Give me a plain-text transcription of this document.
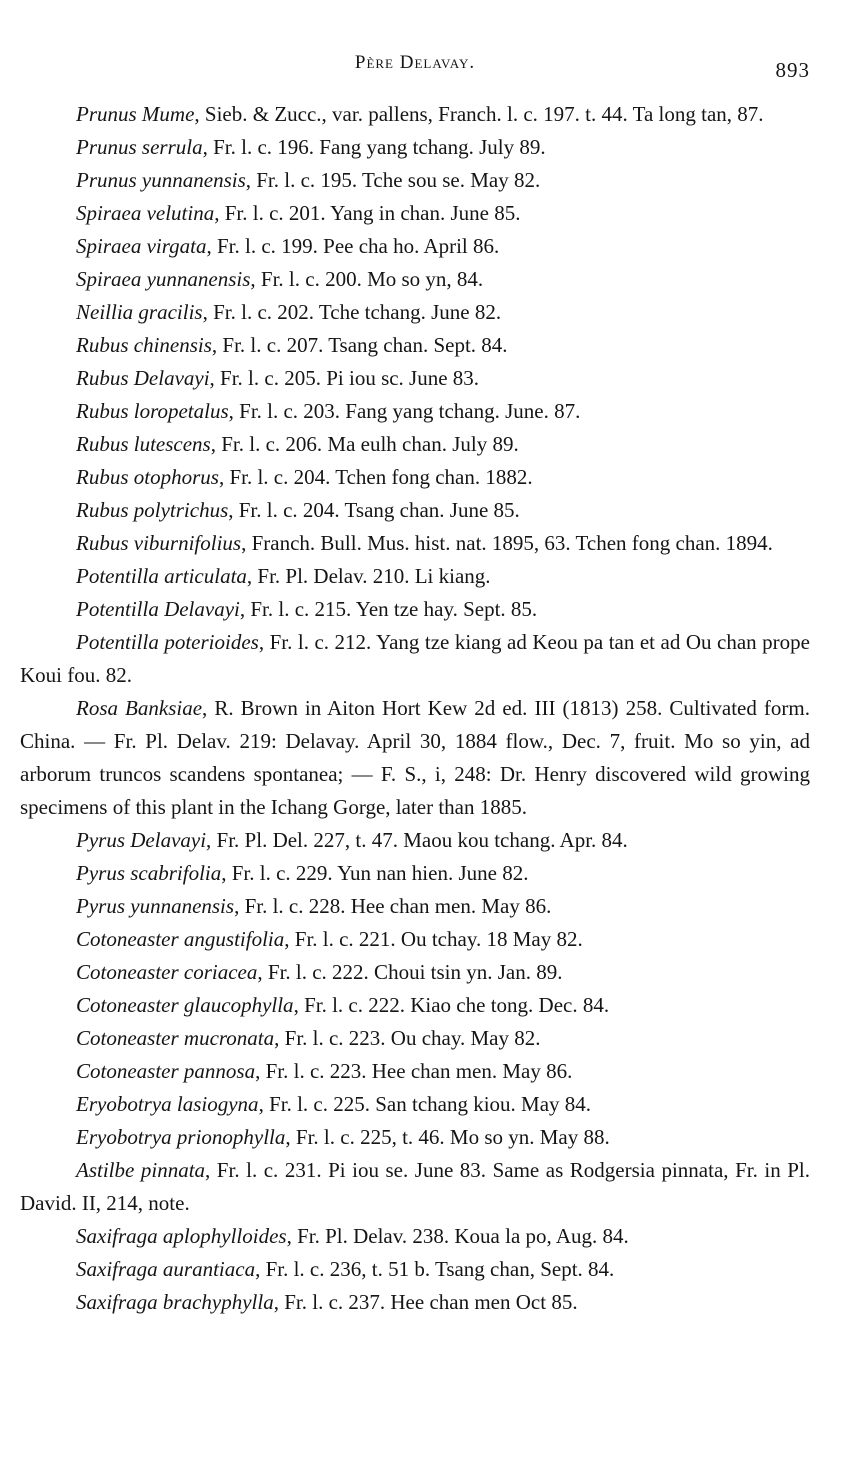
Père Delavay.	893

Prunus Mume, Sieb. & Zucc., var. pallens, Franch. l. c. 197. t. 44. Ta long tan, 87.

Prunus serrula, Fr. l. c. 196. Fang yang tchang. July 89.

Prunus yunnanensis, Fr. l. c. 195. Tche sou se. May 82.

Spiraea velutina, Fr. l. c. 201. Yang in chan. June 85.

Spiraea virgata, Fr. l. c. 199. Pee cha ho. April 86.

Spiraea yunnanensis, Fr. l. c. 200. Mo so yn, 84.

Neillia gracilis, Fr. l. c. 202. Tche tchang. June 82.

Rubus chinensis, Fr. l. c. 207. Tsang chan. Sept. 84.

Rubus Delavayi, Fr. l. c. 205. Pi iou sc. June 83.

Rubus loropetalus, Fr. l. c. 203. Fang yang tchang. June. 87.

Rubus lutescens, Fr. l. c. 206. Ma eulh chan. July 89.

Rubus otophorus, Fr. l. c. 204. Tchen fong chan. 1882.

Rubus polytrichus, Fr. l. c. 204. Tsang chan. June 85.

Rubus viburnifolius, Franch. Bull. Mus. hist. nat. 1895, 63. Tchen fong chan. 1894.

Potentilla articulata, Fr. Pl. Delav. 210. Li kiang.

Potentilla Delavayi, Fr. l. c. 215. Yen tze hay. Sept. 85.

Potentilla poterioides, Fr. l. c. 212. Yang tze kiang ad Keou pa tan et ad Ou chan prope Koui fou. 82.

Rosa Banksiae, R. Brown in Aiton Hort Kew 2d ed. III (1813) 258. Cultivated form. China. — Fr. Pl. Delav. 219: Delavay. April 30, 1884 flow., Dec. 7, fruit. Mo so yin, ad arborum truncos scandens spontanea; — F. S., i, 248: Dr. Henry discovered wild growing specimens of this plant in the Ichang Gorge, later than 1885.

Pyrus Delavayi, Fr. Pl. Del. 227, t. 47. Maou kou tchang. Apr. 84.

Pyrus scabrifolia, Fr. l. c. 229. Yun nan hien. June 82.

Pyrus yunnanensis, Fr. l. c. 228. Hee chan men. May 86.

Cotoneaster angustifolia, Fr. l. c. 221. Ou tchay. 18 May 82.

Cotoneaster coriacea, Fr. l. c. 222. Choui tsin yn. Jan. 89.

Cotoneaster glaucophylla, Fr. l. c. 222. Kiao che tong. Dec. 84.

Cotoneaster mucronata, Fr. l. c. 223. Ou chay. May 82.

Cotoneaster pannosa, Fr. l. c. 223. Hee chan men. May 86.

Eryobotrya lasiogyna, Fr. l. c. 225. San tchang kiou. May 84.

Eryobotrya prionophylla, Fr. l. c. 225, t. 46. Mo so yn. May 88.

Astilbe pinnata, Fr. l. c. 231. Pi iou se. June 83. Same as Rodgersia pinnata, Fr. in Pl. David. II, 214, note.

Saxifraga aplophylloides, Fr. Pl. Delav. 238. Koua la po, Aug. 84.

Saxifraga aurantiaca, Fr. l. c. 236, t. 51 b. Tsang chan, Sept. 84.

Saxifraga brachyphylla, Fr. l. c. 237. Hee chan men Oct 85.
